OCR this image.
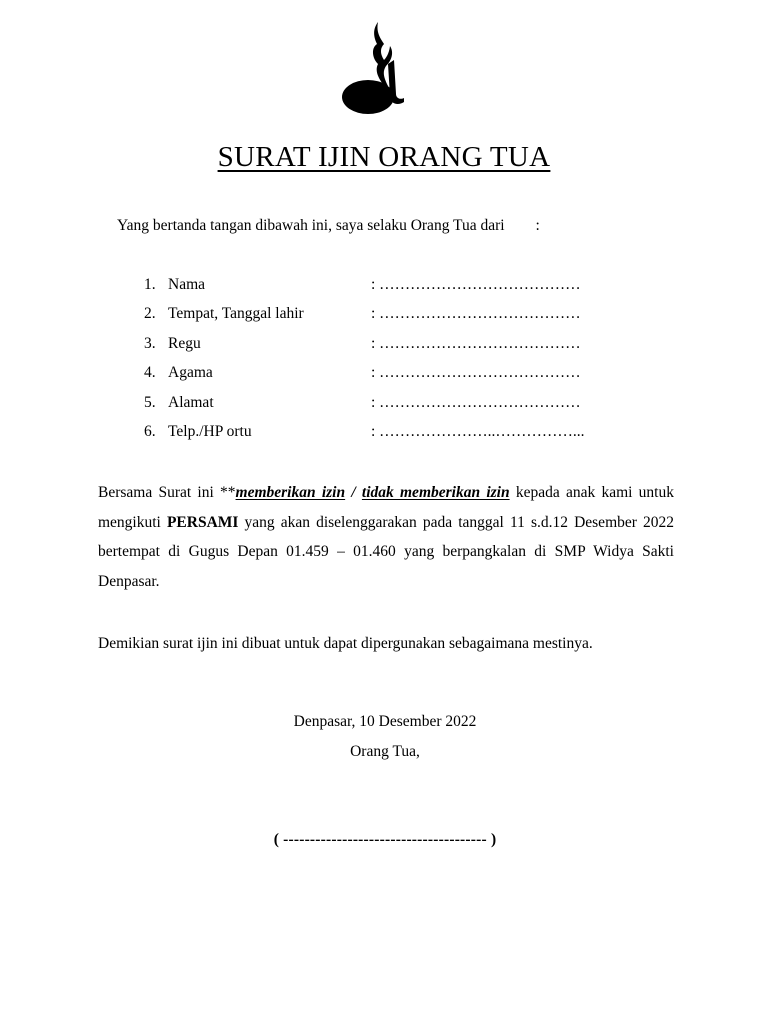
SURAT IJIN ORANG TUA
Yang bertanda tangan dibawah ini, saya selaku Orang Tua dari        :
1. Nama	: …………………………………
2. Tempat, Tanggal lahir	: …………………………………
3. Regu	: …………………………………
4. Agama	: …………………………………
5. Alamat	: …………………………………
6. Telp./HP ortu	: …………………..……………...
Bersama Surat ini **memberikan izin / tidak memberikan izin kepada anak kami untuk mengikuti PERSAMI yang akan diselenggarakan pada tanggal 11 s.d.12 Desember 2022 bertempat di Gugus Depan 01.459 – 01.460 yang berpangkalan di SMP Widya Sakti Denpasar.
Demikian surat ijin ini dibuat untuk dapat dipergunakan sebagaimana mestinya.
Denpasar, 10 Desember 2022
Orang Tua,
( -------------------------------------- )
